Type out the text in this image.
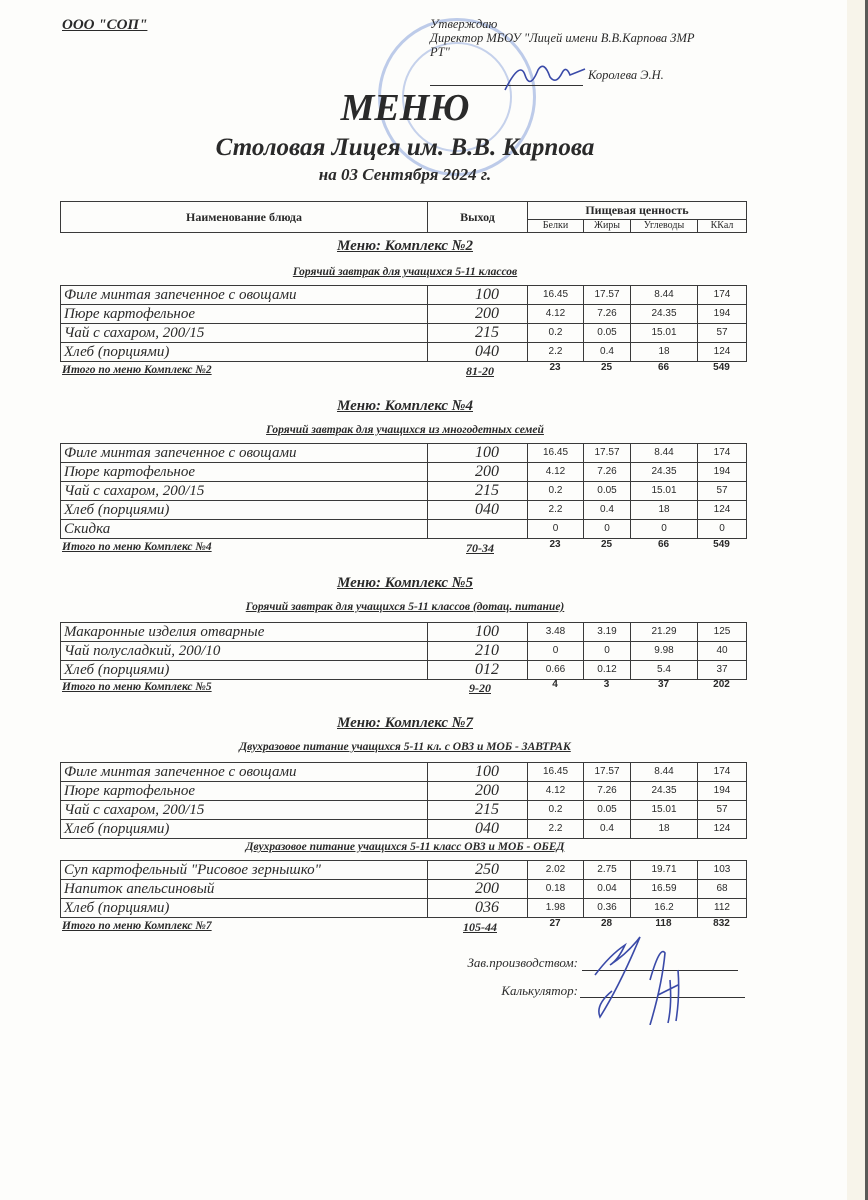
ООО "СОП"	Утверждаю
Директор МБОУ "Лицей имени В.В.Карпова ЗМР
РТ"
Королева Э.Н.
МЕНЮ
Столовая Лицея им. В.В. Карпова
на 03 Сентября 2024 г.
Наименование блюда	Выход	Пищевая ценность			
		Белки	Жиры	Углеводы	ККал
Меню: Комплекс №2
Горячий завтрак для учащихся 5-11 классов
Филе минтая запеченное с овощами	100	16.45	17.57	8.44	174
Пюре картофельное	200	4.12	7.26	24.35	194
Чай с сахаром, 200/15	215	0.2	0.05	15.01	57
Хлеб (порциями)	040	2.2	0.4	18	124
Итого по меню Комплекс №2	81-20	23	25	66	549
Меню: Комплекс №4
Горячий завтрак для учащихся из многодетных семей
Филе минтая запеченное с овощами	100	16.45	17.57	8.44	174
Пюре картофельное	200	4.12	7.26	24.35	194
Чай с сахаром, 200/15	215	0.2	0.05	15.01	57
Хлеб (порциями)	040	2.2	0.4	18	124
Скидка		0	0	0	0
Итого по меню Комплекс №4	70-34	23	25	66	549
Меню: Комплекс №5
Горячий завтрак для учащихся 5-11 классов (дотац. питание)
Макаронные изделия отварные	100	3.48	3.19	21.29	125
Чай полусладкий, 200/10	210	0	0	9.98	40
Хлеб (порциями)	012	0.66	0.12	5.4	37
Итого по меню Комплекс №5	9-20	4	3	37	202
Меню: Комплекс №7
Двухразовое питание учащихся 5-11 кл. с ОВЗ и МОБ - ЗАВТРАК
Филе минтая запеченное с овощами	100	16.45	17.57	8.44	174
Пюре картофельное	200	4.12	7.26	24.35	194
Чай с сахаром, 200/15	215	0.2	0.05	15.01	57
Хлеб (порциями)	040	2.2	0.4	18	124
Двухразовое питание учащихся 5-11 класс ОВЗ и МОБ - ОБЕД
Суп картофельный "Рисовое зернышко"	250	2.02	2.75	19.71	103
Напиток апельсиновый	200	0.18	0.04	16.59	68
Хлеб (порциями)	036	1.98	0.36	16.2	112
Итого по меню Комплекс №7	105-44	27	28	118	832
Зав.производством:
Калькулятор:
